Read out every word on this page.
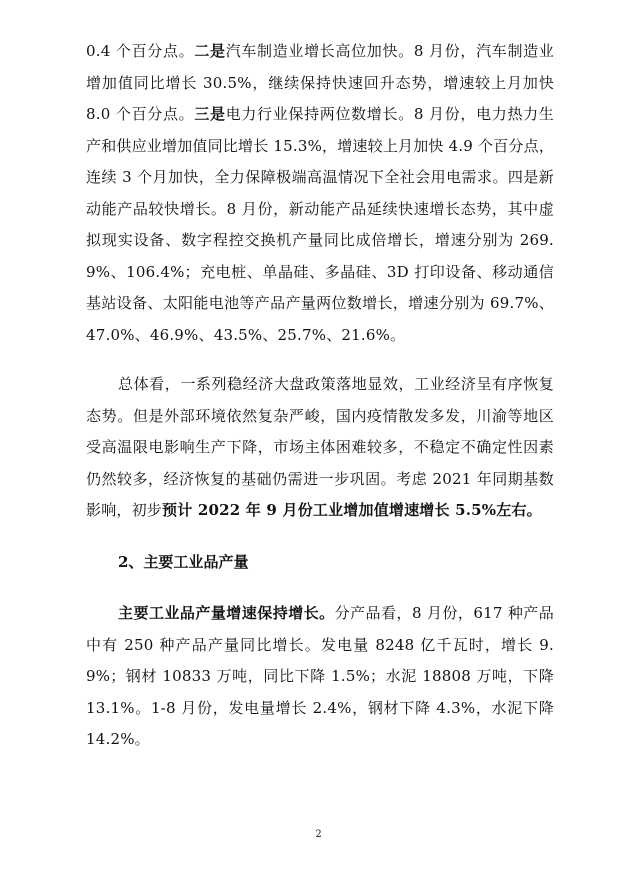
0.4 个百分点。二是汽车制造业增长高位加快。8 月份，汽车制造业增加值同比增长 30.5%，继续保持快速回升态势，增速较上月加快 8.0 个百分点。三是电力行业保持两位数增长。8 月份，电力热力生产和供应业增加值同比增长 15.3%，增速较上月加快 4.9 个百分点，连续 3 个月加快，全力保障极端高温情况下全社会用电需求。四是新动能产品较快增长。8 月份，新动能产品延续快速增长态势，其中虚拟现实设备、数字程控交换机产量同比成倍增长，增速分别为 269.9%、106.4%；充电桩、单晶硅、多晶硅、3D 打印设备、移动通信基站设备、太阳能电池等产品产量两位数增长，增速分别为 69.7%、47.0%、46.9%、43.5%、25.7%、21.6%。

总体看，一系列稳经济大盘政策落地显效，工业经济呈有序恢复态势。但是外部环境依然复杂严峻，国内疫情散发多发，川渝等地区受高温限电影响生产下降，市场主体困难较多，不稳定不确定性因素仍然较多，经济恢复的基础仍需进一步巩固。考虑 2021 年同期基数影响，初步预计 2022 年 9 月份工业增加值增速增长 5.5%左右。

2、主要工业品产量

主要工业品产量增速保持增长。分产品看，8 月份，617 种产品中有 250 种产品产量同比增长。发电量 8248 亿千瓦时，增长 9.9%；钢材 10833 万吨，同比下降 1.5%；水泥 18808 万吨，下降 13.1%。1-8 月份，发电量增长 2.4%，钢材下降 4.3%，水泥下降 14.2%。

2
